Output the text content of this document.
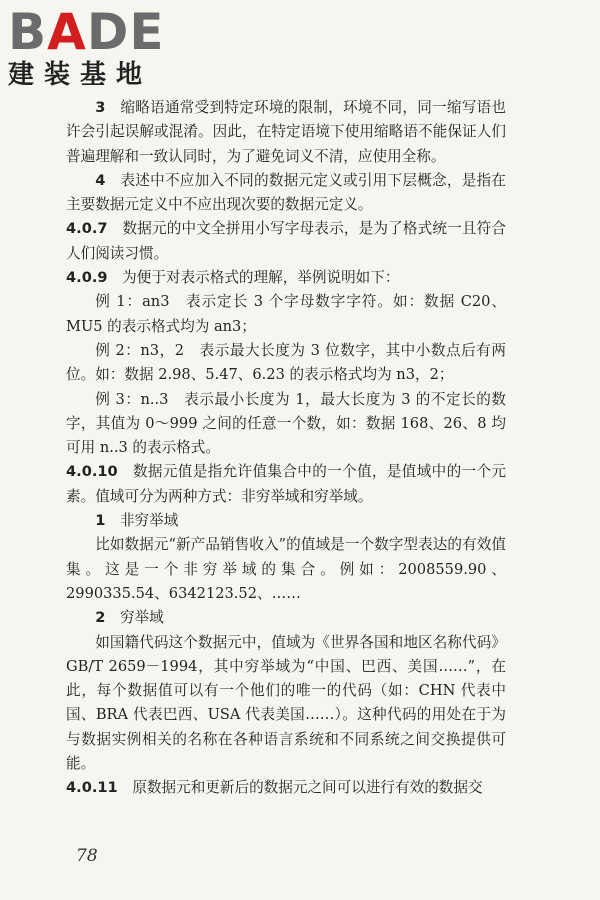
BADE
建装基地

3　 缩略语通常受到特定环境的限制，环境不同，同一缩写语也许会引起误解或混淆。因此，在特定语境下使用缩略语不能保证人们普遍理解和一致认同时，为了避免词义不清，应使用全称。

4　 表述中不应加入不同的数据元定义或引用下层概念，是指在主要数据元定义中不应出现次要的数据元定义。

4.0.7　 数据元的中文全拼用小写字母表示，是为了格式统一且符合人们阅读习惯。

4.0.9　 为便于对表示格式的理解，举例说明如下：

例 1：an3　表示定长 3 个字母数字字符。如：数据 C20、MU5 的表示格式均为 an3；

例 2：n3，2　表示最大长度为 3 位数字，其中小数点后有两位。如：数据 2.98、5.47、6.23 的表示格式均为 n3，2；

例 3：n..3　表示最小长度为 1，最大长度为 3 的不定长的数字，其值为 0～999 之间的任意一个数，如：数据 168、26、8 均可用 n..3 的表示格式。

4.0.10　 数据元值是指允许值集合中的一个值，是值域中的一个元素。值域可分为两种方式：非穷举域和穷举域。

1　 非穷举域

比如数据元“新产品销售收入”的值域是一个数字型表达的有效值集。这是一个非穷举域的集合。例如：2008559.90、2990335.54、6342123.52、……

2　 穷举域

如国籍代码这个数据元中，值域为《世界各国和地区名称代码》GB/T 2659－1994，其中穷举域为“中国、巴西、美国……”，在此，每个数据值可以有一个他们的唯一的代码（如：CHN 代表中国、BRA 代表巴西、USA 代表美国……）。这种代码的用处在于为与数据实例相关的名称在各种语言系统和不同系统之间交换提供可能。

4.0.11　 原数据元和更新后的数据元之间可以进行有效的数据交

78
